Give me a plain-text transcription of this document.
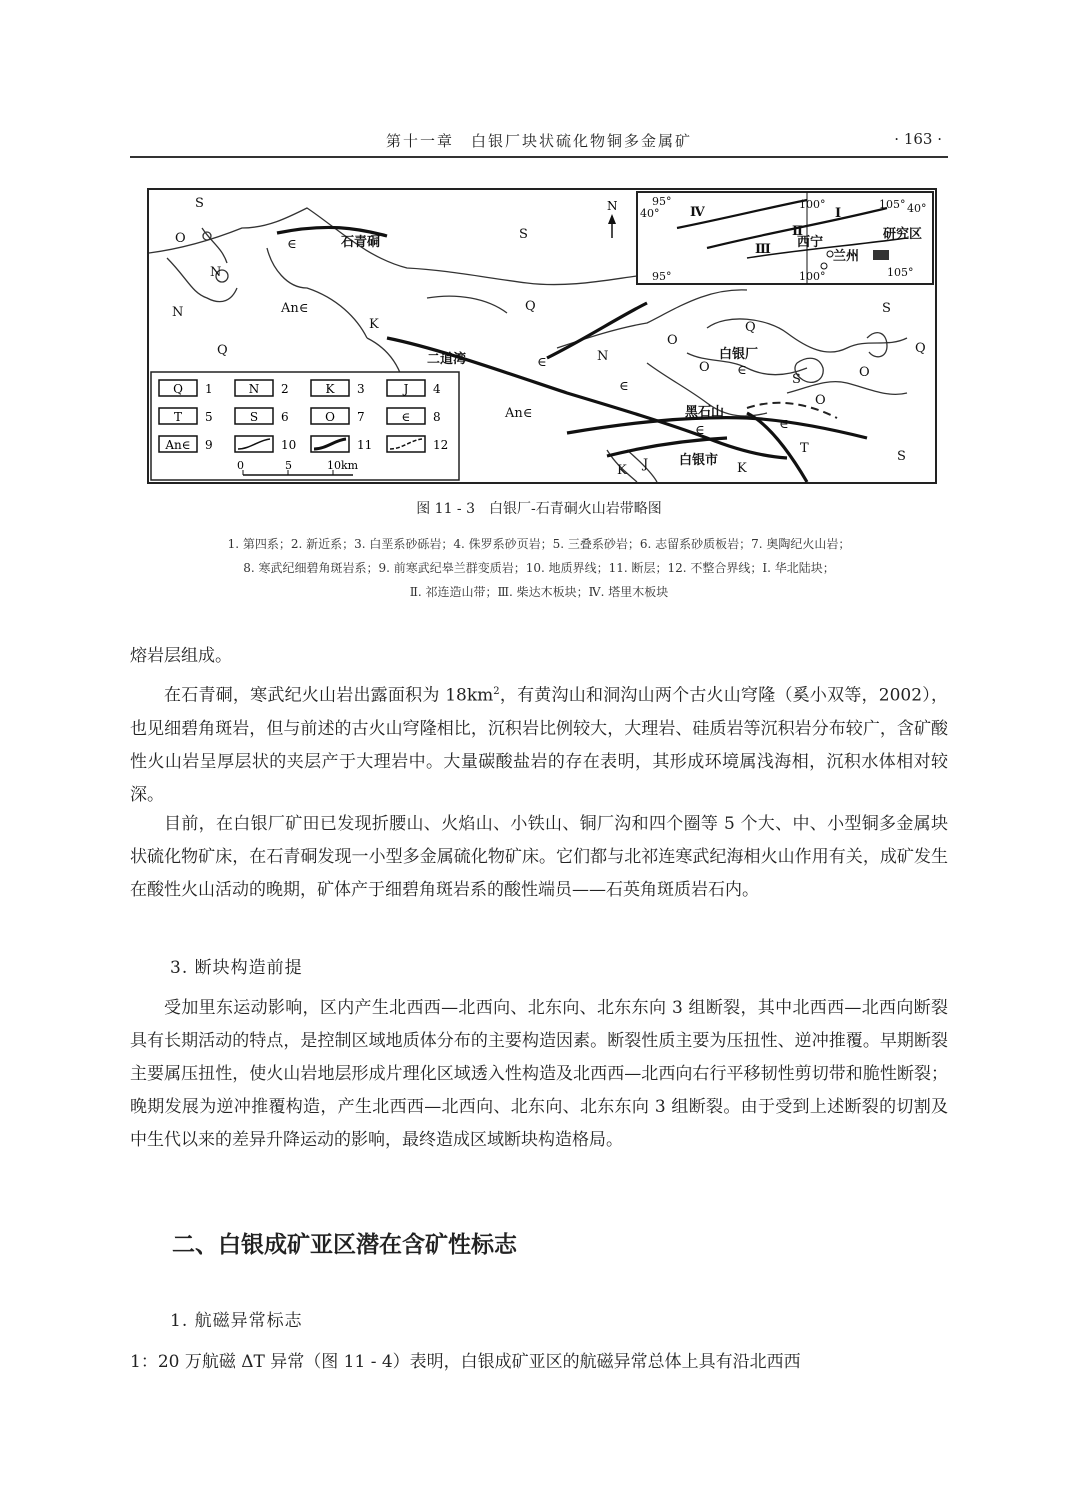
第十一章　白银厂块状硫化物铜多金属矿	· 163 ·
S
S
S
S
O
N
N
N
Q
Q
Q
Q
K
K	K
J
T
O
O	O
O
S
∈
∈
∈
∈
∈	∈
An∈
An∈
石青硐
二道湾	白银厂
黑石山
白银市
N	95°
40°
100°	105° 40°
95°	100°	105°
Ⅳ	Ⅰ
Ⅱ
Ⅲ 西宁
兰州
研究区
Q 1	N 2	K 3	J 4
T 5	S 6	O 7	∈ 8
An∈ 9	10	11	12
0	5	10km
图 11 - 3　白银厂-石青硐火山岩带略图
1. 第四系；2. 新近系；3. 白垩系砂砾岩；4. 侏罗系砂页岩；5. 三叠系砂岩；6. 志留系砂质板岩；7. 奥陶纪火山岩；
8. 寒武纪细碧角斑岩系；9. 前寒武纪皋兰群变质岩；10. 地质界线；11. 断层；12. 不整合界线；Ⅰ. 华北陆块；
Ⅱ. 祁连造山带；Ⅲ. 柴达木板块；Ⅳ. 塔里木板块

熔岩层组成。

在石青硐，寒武纪火山岩出露面积为 $18km^2$，有黄沟山和洞沟山两个古火山穹隆（奚小双等，2002），也见细碧角斑岩，但与前述的古火山穹隆相比，沉积岩比例较大，大理岩、硅质岩等沉积岩分布较广，含矿酸性火山岩呈厚层状的夹层产于大理岩中。大量碳酸盐岩的存在表明，其形成环境属浅海相，沉积水体相对较深。

目前，在白银厂矿田已发现折腰山、火焰山、小铁山、铜厂沟和四个圈等 5 个大、中、小型铜多金属块状硫化物矿床，在石青硐发现一小型多金属硫化物矿床。它们都与北祁连寒武纪海相火山作用有关，成矿发生在酸性火山活动的晚期，矿体产于细碧角斑岩系的酸性端员——石英角斑质岩石内。

3. 断块构造前提

受加里东运动影响，区内产生北西西—北西向、北东向、北东东向 3 组断裂，其中北西西—北西向断裂具有长期活动的特点，是控制区域地质体分布的主要构造因素。断裂性质主要为压扭性、逆冲推覆。早期断裂主要属压扭性，使火山岩地层形成片理化区域透入性构造及北西西—北西向右行平移韧性剪切带和脆性断裂；晚期发展为逆冲推覆构造，产生北西西—北西向、北东向、北东东向 3 组断裂。由于受到上述断裂的切割及中生代以来的差异升降运动的影响，最终造成区域断块构造格局。

二、白银成矿亚区潜在含矿性标志
1. 航磁异常标志

1：20 万航磁 ΔT 异常（图 11 - 4）表明，白银成矿亚区的航磁异常总体上具有沿北西西
